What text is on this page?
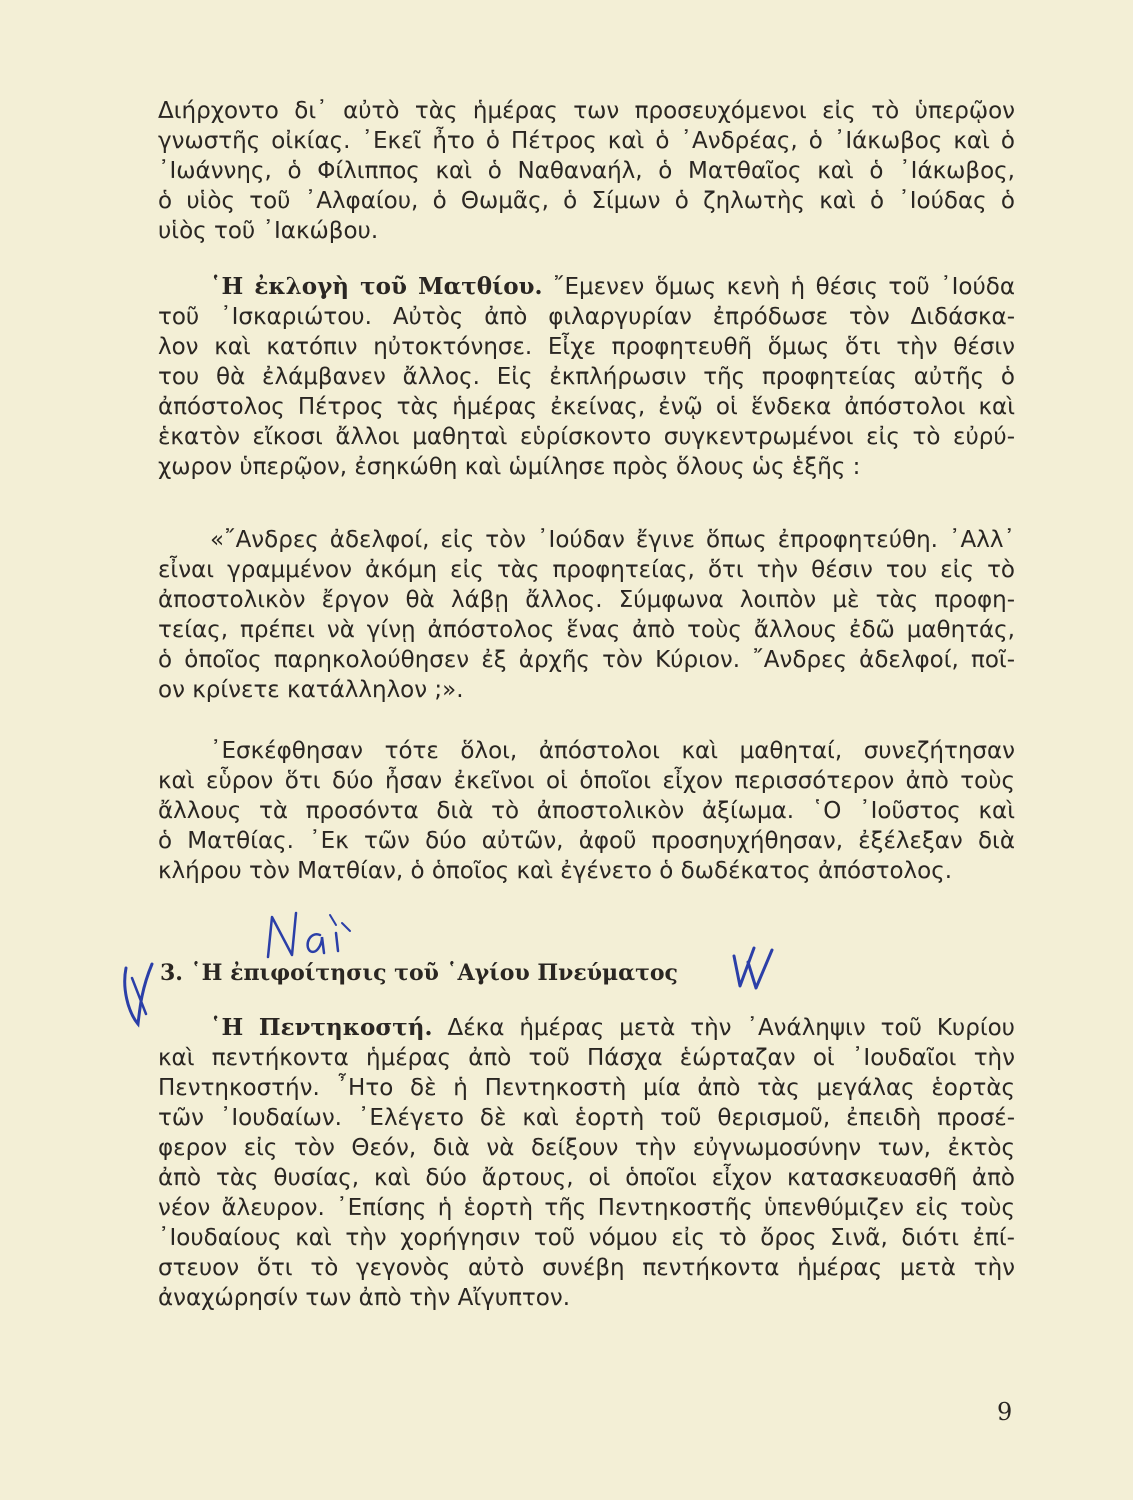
Διήρχοντο δι᾽ αὐτὸ τὰς ἡμέρας των προσευχόμενοι εἰς τὸ ὑπερῷον
γνωστῆς οἰκίας. ᾿Εκεῖ ἦτο ὁ Πέτρος καὶ ὁ ᾿Ανδρέας, ὁ ᾿Ιάκωβος καὶ ὁ
᾿Ιωάννης, ὁ Φίλιππος καὶ ὁ Ναθαναήλ, ὁ Ματθαῖος καὶ ὁ ᾿Ιάκωβος,
ὁ υἱὸς τοῦ ᾿Αλφαίου, ὁ Θωμᾶς, ὁ Σίμων ὁ ζηλωτὴς καὶ ὁ ᾿Ιούδας ὁ
υἱὸς τοῦ ᾿Ιακώβου.
῾Η ἐκλογὴ τοῦ Ματθίου. ῎Εμενεν ὅμως κενὴ ἡ θέσις τοῦ ᾿Ιούδα
τοῦ ᾿Ισκαριώτου. Αὐτὸς ἀπὸ φιλαργυρίαν ἐπρόδωσε τὸν Διδάσκα-
λον καὶ κατόπιν ηὐτοκτόνησε. Εἶχε προφητευθῆ ὅμως ὅτι τὴν θέσιν
του θὰ ἐλάμβανεν ἄλλος. Εἰς ἐκπλήρωσιν τῆς προφητείας αὐτῆς ὁ
ἀπόστολος Πέτρος τὰς ἡμέρας ἐκείνας, ἐνῷ οἱ ἕνδεκα ἀπόστολοι καὶ
ἑκατὸν εἴκοσι ἄλλοι μαθηταὶ εὑρίσκοντο συγκεντρωμένοι εἰς τὸ εὐρύ-
χωρον ὑπερῷον, ἐσηκώθη καὶ ὡμίλησε πρὸς ὅλους ὡς ἑξῆς :
«῎Ανδρες ἀδελφοί, εἰς τὸν ᾿Ιούδαν ἔγινε ὅπως ἐπροφητεύθη. ᾿Αλλ᾽
εἶναι γραμμένον ἀκόμη εἰς τὰς προφητείας, ὅτι τὴν θέσιν του εἰς τὸ
ἀποστολικὸν ἔργον θὰ λάβῃ ἄλλος. Σύμφωνα λοιπὸν μὲ τὰς προφη-
τείας, πρέπει νὰ γίνῃ ἀπόστολος ἕνας ἀπὸ τοὺς ἄλλους ἐδῶ μαθητάς,
ὁ ὁποῖος παρηκολούθησεν ἐξ ἀρχῆς τὸν Κύριον. ῎Ανδρες ἀδελφοί, ποῖ-
ον κρίνετε κατάλληλον ;».
᾿Εσκέφθησαν τότε ὅλοι, ἀπόστολοι καὶ μαθηταί, συνεζήτησαν
καὶ εὗρον ὅτι δύο ἦσαν ἐκεῖνοι οἱ ὁποῖοι εἶχον περισσότερον ἀπὸ τοὺς
ἄλλους τὰ προσόντα διὰ τὸ ἀποστολικὸν ἀξίωμα. ῾Ο ᾿Ιοῦστος καὶ
ὁ Ματθίας. ᾿Εκ τῶν δύο αὐτῶν, ἀφοῦ προσηυχήθησαν, ἐξέλεξαν διὰ
κλήρου τὸν Ματθίαν, ὁ ὁποῖος καὶ ἐγένετο ὁ δωδέκατος ἀπόστολος.
3. ῾Η ἐπιφοίτησις τοῦ ῾Αγίου Πνεύματος
῾Η Πεντηκοστή. Δέκα ἡμέρας μετὰ τὴν ᾿Ανάληψιν τοῦ Κυρίου
καὶ πεντήκοντα ἡμέρας ἀπὸ τοῦ Πάσχα ἑώρταζαν οἱ ᾿Ιουδαῖοι τὴν
Πεντηκοστήν. ῏Ητο δὲ ἡ Πεντηκοστὴ μία ἀπὸ τὰς μεγάλας ἑορτὰς
τῶν ᾿Ιουδαίων. ᾿Ελέγετο δὲ καὶ ἑορτὴ τοῦ θερισμοῦ, ἐπειδὴ προσέ-
φερον εἰς τὸν Θεόν, διὰ νὰ δείξουν τὴν εὐγνωμοσύνην των, ἐκτὸς
ἀπὸ τὰς θυσίας, καὶ δύο ἄρτους, οἱ ὁποῖοι εἶχον κατασκευασθῆ ἀπὸ
νέον ἄλευρον. ᾿Επίσης ἡ ἑορτὴ τῆς Πεντηκοστῆς ὑπενθύμιζεν εἰς τοὺς
᾿Ιουδαίους καὶ τὴν χορήγησιν τοῦ νόμου εἰς τὸ ὄρος Σινᾶ, διότι ἐπί-
στευον ὅτι τὸ γεγονὸς αὐτὸ συνέβη πεντήκοντα ἡμέρας μετὰ τὴν
ἀναχώρησίν των ἀπὸ τὴν Αἴγυπτον.
9
